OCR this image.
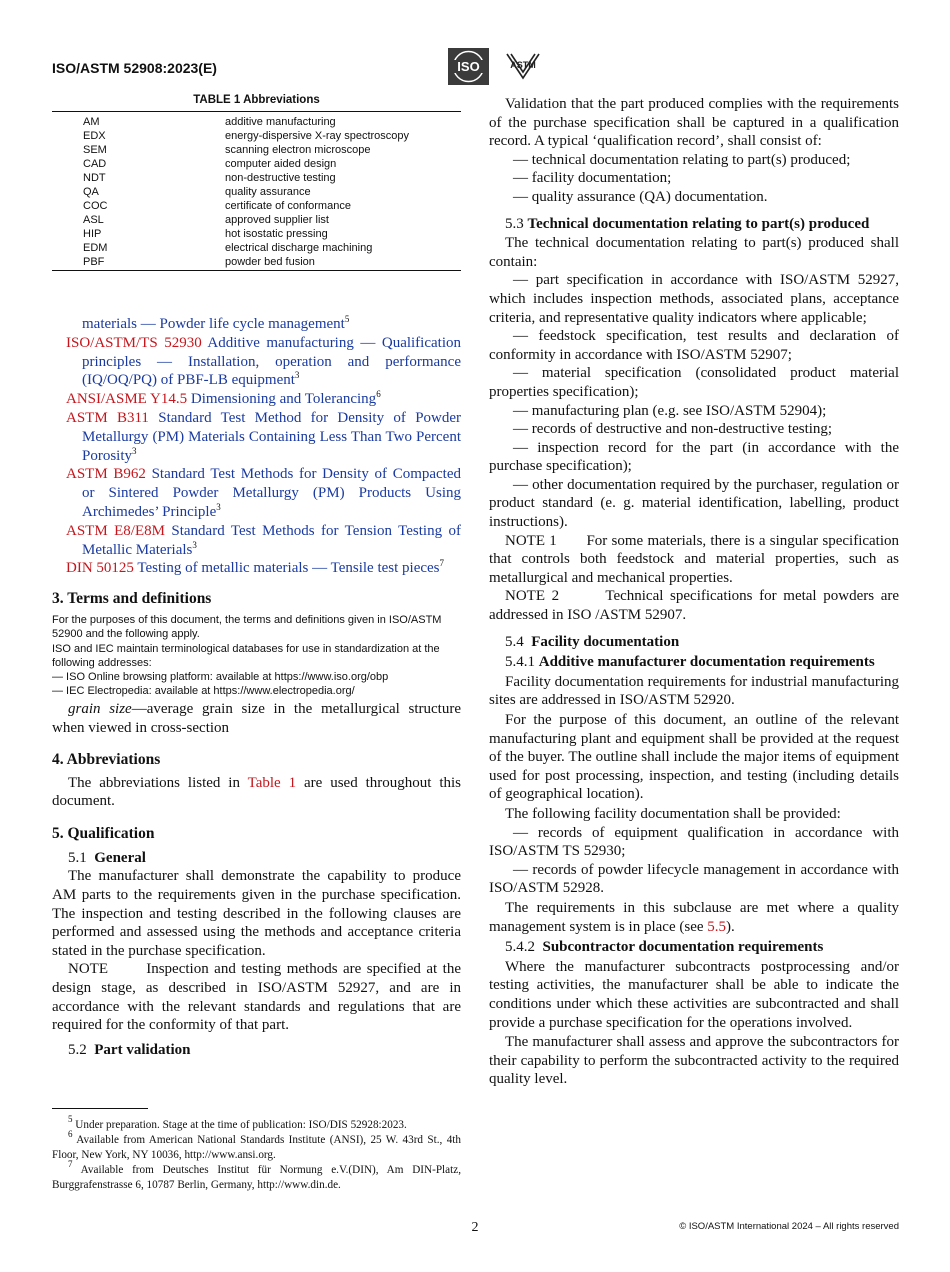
ISO/ASTM 52908:2023(E)	ISO	ASTM
TABLE 1 Abbreviations
AM	additive manufacturing
EDX	energy-dispersive X-ray spectroscopy
SEM	scanning electron microscope
CAD	computer aided design
NDT	non-destructive testing
QA	quality assurance
COC	certificate of conformance
ASL	approved supplier list
HIP	hot isostatic pressing
EDM	electrical discharge machining
PBF	powder bed fusion

materials — Powder life cycle management$^5$

ISO/ASTM/TS 52930 Additive manufacturing — Qualification principles — Installation, operation and performance (IQ/OQ/PQ) of PBF-LB equipment$^3$

ANSI/ASME Y14.5 Dimensioning and Tolerancing$^6$

ASTM B311 Standard Test Method for Density of Powder Metallurgy (PM) Materials Containing Less Than Two Percent Porosity$^3$

ASTM B962 Standard Test Methods for Density of Compacted or Sintered Powder Metallurgy (PM) Products Using Archimedes’ Principle$^3$

ASTM E8/E8M Standard Test Methods for Tension Testing of Metallic Materials$^3$

DIN 50125 Testing of metallic materials — Tensile test pieces$^7$

3. Terms and definitions

For the purposes of this document, the terms and definitions given in ISO/ASTM 52900 and the following apply.

ISO and IEC maintain terminological databases for use in standardization at the following addresses:

— ISO Online browsing platform: available at https://www.iso.org/obp

— IEC Electropedia: available at https://www.electropedia.org/

grain size—average grain size in the metallurgical structure when viewed in cross-section

4. Abbreviations

The abbreviations listed in Table 1 are used throughout this document.

5. Qualification

5.1 General

The manufacturer shall demonstrate the capability to produce AM parts to the requirements given in the purchase specification. The inspection and testing described in the following clauses are performed and assessed using the methods and acceptance criteria stated in the purchase specification.

NOTE	Inspection and testing methods are specified at the design stage, as described in ISO/ASTM 52927, and are in accordance with the relevant standards and regulations that are required for the conformity of that part.

5.2 Part validation

$^5$ Under preparation. Stage at the time of publication: ISO/DIS 52928:2023.

$^6$ Available from American National Standards Institute (ANSI), 25 W. 43rd St., 4th Floor, New York, NY 10036, http://www.ansi.org.

$^7$ Available from Deutsches Institut für Normung e.V.(DIN), Am DIN-Platz, Burggrafenstrasse 6, 10787 Berlin, Germany, http://www.din.de.

Validation that the part produced complies with the requirements of the purchase specification shall be captured in a qualification record. A typical ‘qualification record’, shall consist of:

— technical documentation relating to part(s) produced;

— facility documentation;

— quality assurance (QA) documentation.

5.3 Technical documentation relating to part(s) produced

The technical documentation relating to part(s) produced shall contain:

— part specification in accordance with ISO/ASTM 52927, which includes inspection methods, associated plans, acceptance criteria, and representative quality indicators where applicable;

— feedstock specification, test results and declaration of conformity in accordance with ISO/ASTM 52907;

— material specification (consolidated product material properties specification);

— manufacturing plan (e.g. see ISO/ASTM 52904);

— records of destructive and non-destructive testing;

— inspection record for the part (in accordance with the purchase specification);

— other documentation required by the purchaser, regulation or product standard (e. g. material identification, labelling, product instructions).

NOTE 1 For some materials, there is a singular specification that controls both feedstock and material properties, such as metallurgical and mechanical properties.

NOTE 2	Technical specifications for metal powders are addressed in ISO /ASTM 52907.

5.4 Facility documentation

5.4.1 Additive manufacturer documentation requirements

Facility documentation requirements for industrial manufacturing sites are addressed in ISO/ASTM 52920.

For the purpose of this document, an outline of the relevant manufacturing plant and equipment shall be provided at the request of the buyer. The outline shall include the major items of equipment used for post processing, inspection, and testing (including details of geographical location).

The following facility documentation shall be provided:

— records of equipment qualification in accordance with ISO/ASTM TS 52930;

— records of powder lifecycle management in accordance with ISO/ASTM 52928.

The requirements in this subclause are met where a quality management system is in place (see 5.5).

5.4.2 Subcontractor documentation requirements

Where the manufacturer subcontracts postprocessing and/or testing activities, the manufacturer shall be able to indicate the conditions under which these activities are subcontracted and shall provide a purchase specification for the operations involved.

The manufacturer shall assess and approve the subcontractors for their capability to perform the subcontracted activity to the required quality level.

2	© ISO/ASTM International 2024 – All rights reserved
